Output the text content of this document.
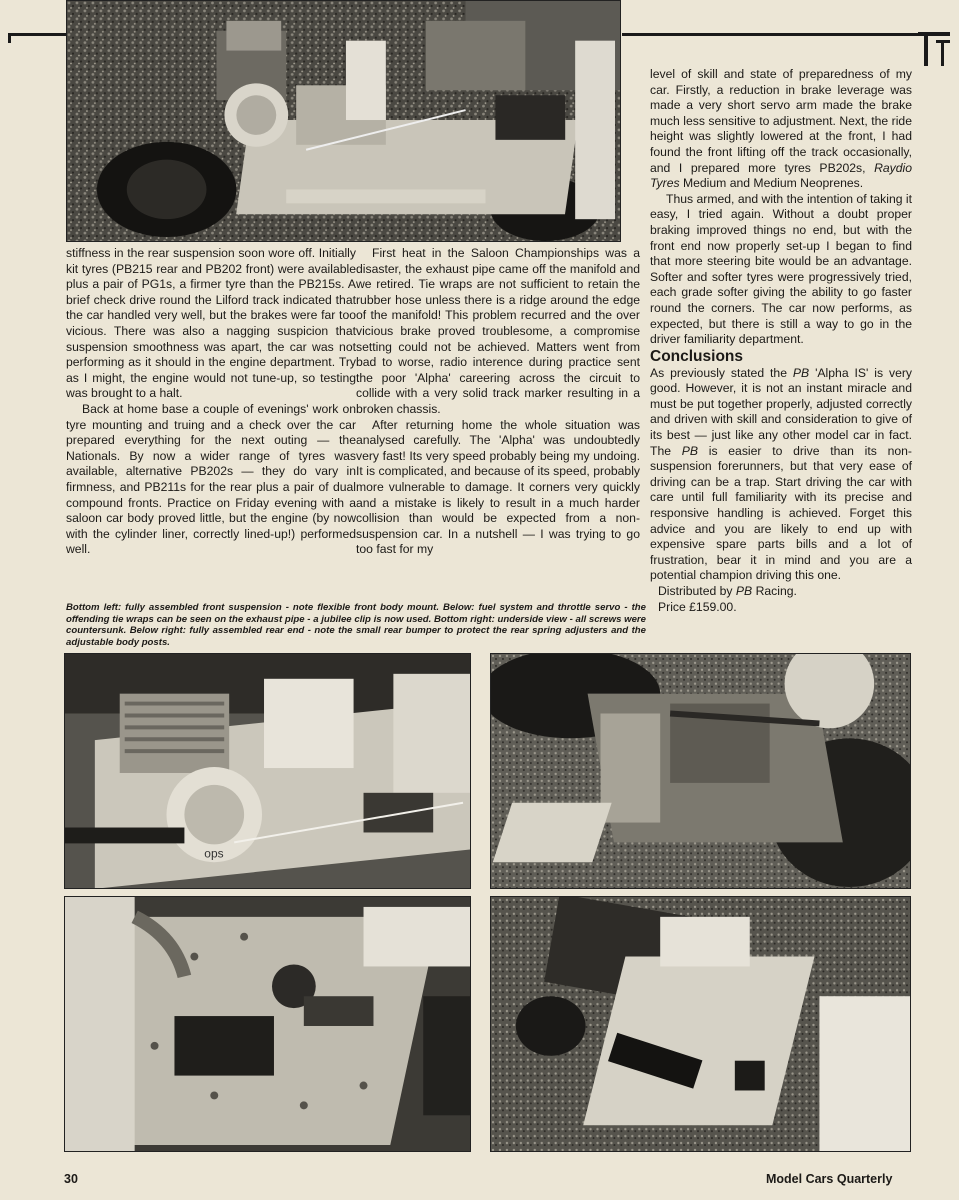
stiffness in the rear suspension soon wore off. Initially kit tyres (PB215 rear and PB202 front) were available plus a pair of PG1s, a firmer tyre than the PB215s. A brief check drive round the Lilford track indicated that the car handled very well, but the brakes were far too vicious. There was also a nagging suspicion that suspension smoothness was apart, the car was not performing as it should in the engine department. Try as I might, the engine would not tune-up, so testing was brought to a halt.

Back at home base a couple of evenings' work on tyre mounting and truing and a check over the car prepared everything for the next outing — the Nationals. By now a wider range of tyres was available, alternative PB202s — they do vary in firmness, and PB211s for the rear plus a pair of dual compound fronts. Practice on Friday evening with a saloon car body proved little, but the engine (by now with the cylinder liner, correctly lined-up!) performed well.

First heat in the Saloon Championships was a disaster, the exhaust pipe came off the manifold and we retired. Tie wraps are not sufficient to retain the rubber hose unless there is a ridge around the edge of the manifold! This problem recurred and the over vicious brake proved troublesome, a compromise setting could not be achieved. Matters went from bad to worse, radio interence during practice sent the poor 'Alpha' careering across the circuit to collide with a very solid track marker resulting in a broken chassis.

After returning home the whole situation was analysed carefully. The 'Alpha' was undoubtedly very fast! Its very speed probably being my undoing. It is complicated, and because of its speed, probably more vulnerable to damage. It corners very quickly and a mistake is likely to result in a much harder collision than would be expected from a non-suspension car. In a nutshell — I was trying to go too fast for my

level of skill and state of preparedness of my car. Firstly, a reduction in brake leverage was made a very short servo arm made the brake much less sensitive to adjustment. Next, the ride height was slightly lowered at the front, I had found the front lifting off the track occasionally, and I prepared more tyres PB202s, Raydio Tyres Medium and Medium Neoprenes.

Thus armed, and with the intention of taking it easy, I tried again. Without a doubt proper braking improved things no end, but with the front end now properly set-up I began to find that more steering bite would be an advantage. Softer and softer tyres were progressively tried, each grade softer giving the ability to go faster round the corners. The car now performs, as expected, but there is still a way to go in the driver familiarity department.

Conclusions

As previously stated the PB 'Alpha IS' is very good. However, it is not an instant miracle and must be put together properly, adjusted correctly and driven with skill and consideration to give of its best — just like any other model car in fact. The PB is easier to drive than its non-suspension forerunners, but that very ease of driving can be a trap. Start driving the car with care until full familiarity with its precise and responsive handling is achieved. Forget this advice and you are likely to end up with expensive spare parts bills and a lot of frustration, bear it in mind and you are a potential champion driving this one.

Distributed by PB Racing.

Price £159.00.

Bottom left: fully assembled front suspension - note flexible front body mount. Below: fuel system and throttle servo - the offending tie wraps can be seen on the exhaust pipe - a jubilee clip is now used. Bottom right: underside view - all screws were countersunk. Below right: fully assembled rear end - note the small rear bumper to protect the rear spring adjusters and the adjustable body posts.
ops
30	Model Cars Quarterly
